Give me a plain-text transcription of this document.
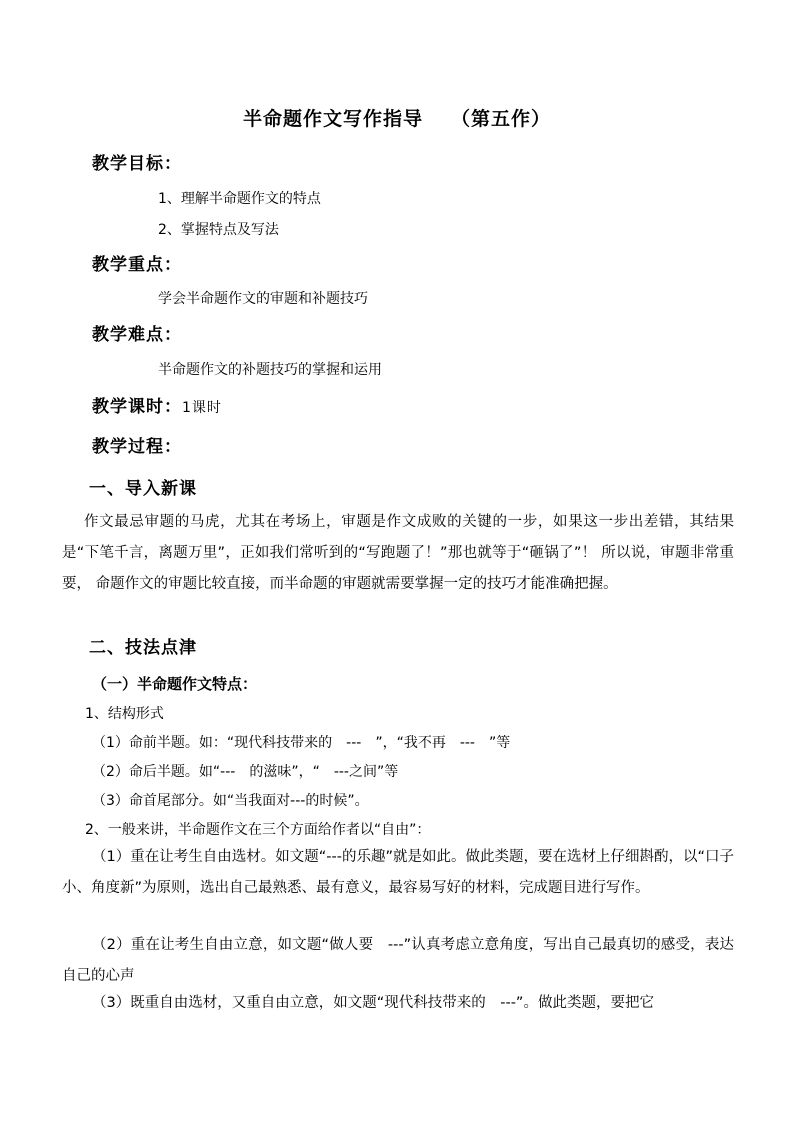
半命题作文写作指导 （第五作）
教学目标：
1、理解半命题作文的特点
2、掌握特点及写法
教学重点：
学会半命题作文的审题和补题技巧
教学难点：
半命题作文的补题技巧的掌握和运用
教学课时：1课时
教学过程：
一、导入新课
作文最忌审题的马虎，尤其在考场上，审题是作文成败的关键的一步，如果这一步出差错，其结果是“下笔千言，离题万里”，正如我们常听到的“写跑题了！”那也就等于“砸锅了”！ 所以说，审题非常重要， 命题作文的审题比较直接，而半命题的审题就需要掌握一定的技巧才能准确把握。
二、技法点津
（一）半命题作文特点：
1、结构形式
（1）命前半题。如：“现代科技带来的　---　”，“我不再　---　”等
（2）命后半题。如“---　的滋味”，“　---之间”等
（3）命首尾部分。如“当我面对---的时候”。
2、一般来讲，半命题作文在三个方面给作者以“自由”：
（1）重在让考生自由选材。如文题“---的乐趣”就是如此。做此类题，要在选材上仔细斟酌，以“口子小、角度新”为原则，选出自己最熟悉、最有意义，最容易写好的材料，完成题目进行写作。
（2）重在让考生自由立意，如文题“做人要　---”认真考虑立意角度，写出自己最真切的感受，表达自己的心声
（3）既重自由选材，又重自由立意，如文题“现代科技带来的　---”。做此类题，要把它
